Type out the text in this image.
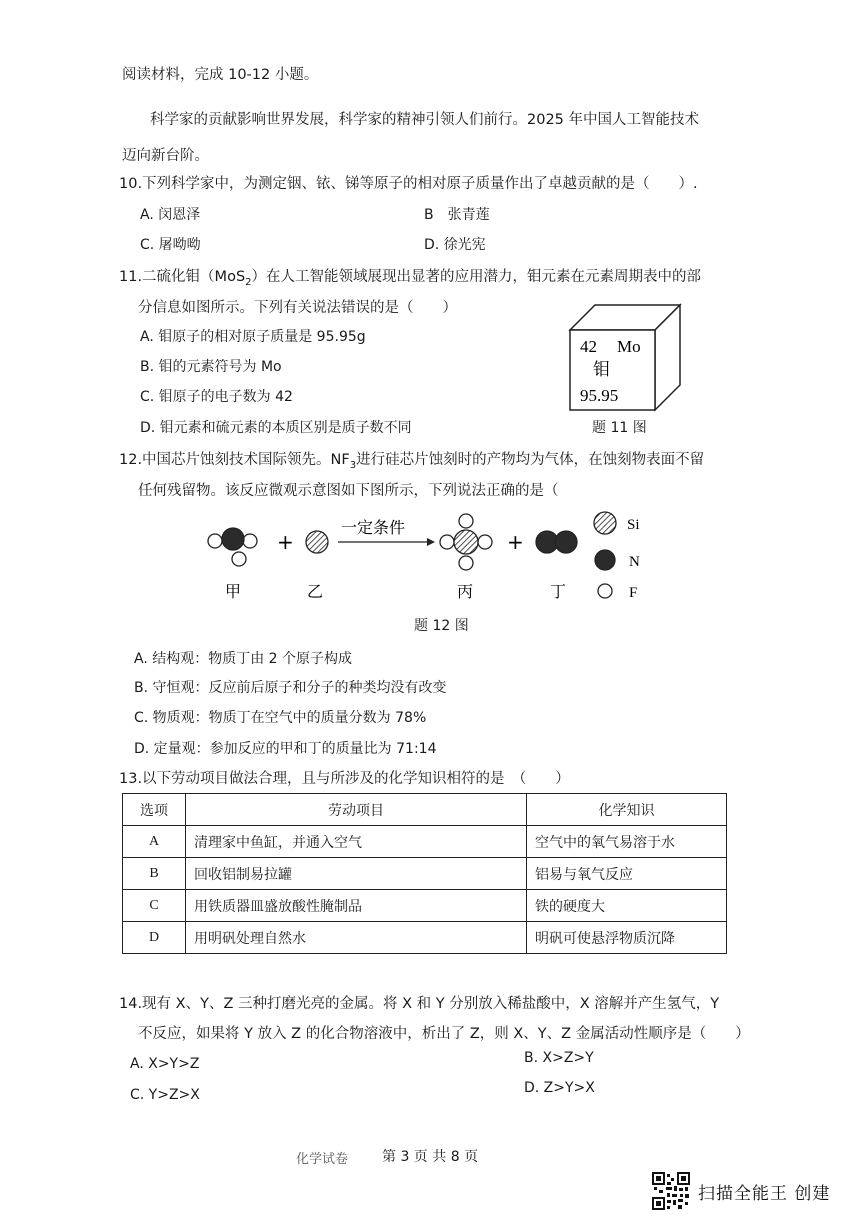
阅读材料，完成 10-12 小题。
科学家的贡献影响世界发展，科学家的精神引领人们前行。2025 年中国人工智能技术
迈向新台阶。
10.下列科学家中，为测定铟、铱、锑等原子的相对原子质量作出了卓越贡献的是（　　）.
A. 闵恩泽	B　张青莲
C. 屠呦呦	D. 徐光宪
11.二硫化钼（MoS$_2$）在人工智能领域展现出显著的应用潜力，钼元素在元素周期表中的部
分信息如图所示。下列有关说法错误的是（　　）
A. 钼原子的相对原子质量是 95.95g
B. 钼的元素符号为 Mo
C. 钼原子的电子数为 42
D. 钼元素和硫元素的本质区别是质子数不同
42 Mo
钼
95.95
题 11 图
12.中国芯片蚀刻技术国际领先。$NF_3$进行硅芯片蚀刻时的产物均为气体，在蚀刻物表面不留
任何残留物。该反应微观示意图如下图所示，下列说法正确的是（
+
一定条件
+
甲	乙	丙	丁
Si
N
F
题 12 图
A. 结构观：物质丁由 2 个原子构成
B. 守恒观：反应前后原子和分子的种类均没有改变
C. 物质观：物质丁在空气中的质量分数为 78%
D. 定量观：参加反应的甲和丁的质量比为 71:14
13.以下劳动项目做法合理，且与所涉及的化学知识相符的是　（　　）
选项	劳动项目	化学知识
A	清理家中鱼缸，并通入空气	空气中的氧气易溶于水
B	回收铝制易拉罐	铝易与氧气反应
C	用铁质器皿盛放酸性腌制品	铁的硬度大
D	用明矾处理自然水	明矾可使悬浮物质沉降
14.现有 X、Y、Z 三种打磨光亮的金属。将 X 和 Y 分别放入稀盐酸中，X 溶解并产生氢气，Y
不反应，如果将 Y 放入 Z 的化合物溶液中，析出了 Z，则 X、Y、Z 金属活动性顺序是（　　）
A. X>Y>Z	B. X>Z>Y
C. Y>Z>X	D. Z>Y>X
化学试卷 第 3 页 共 8 页
扫描全能王 创建
